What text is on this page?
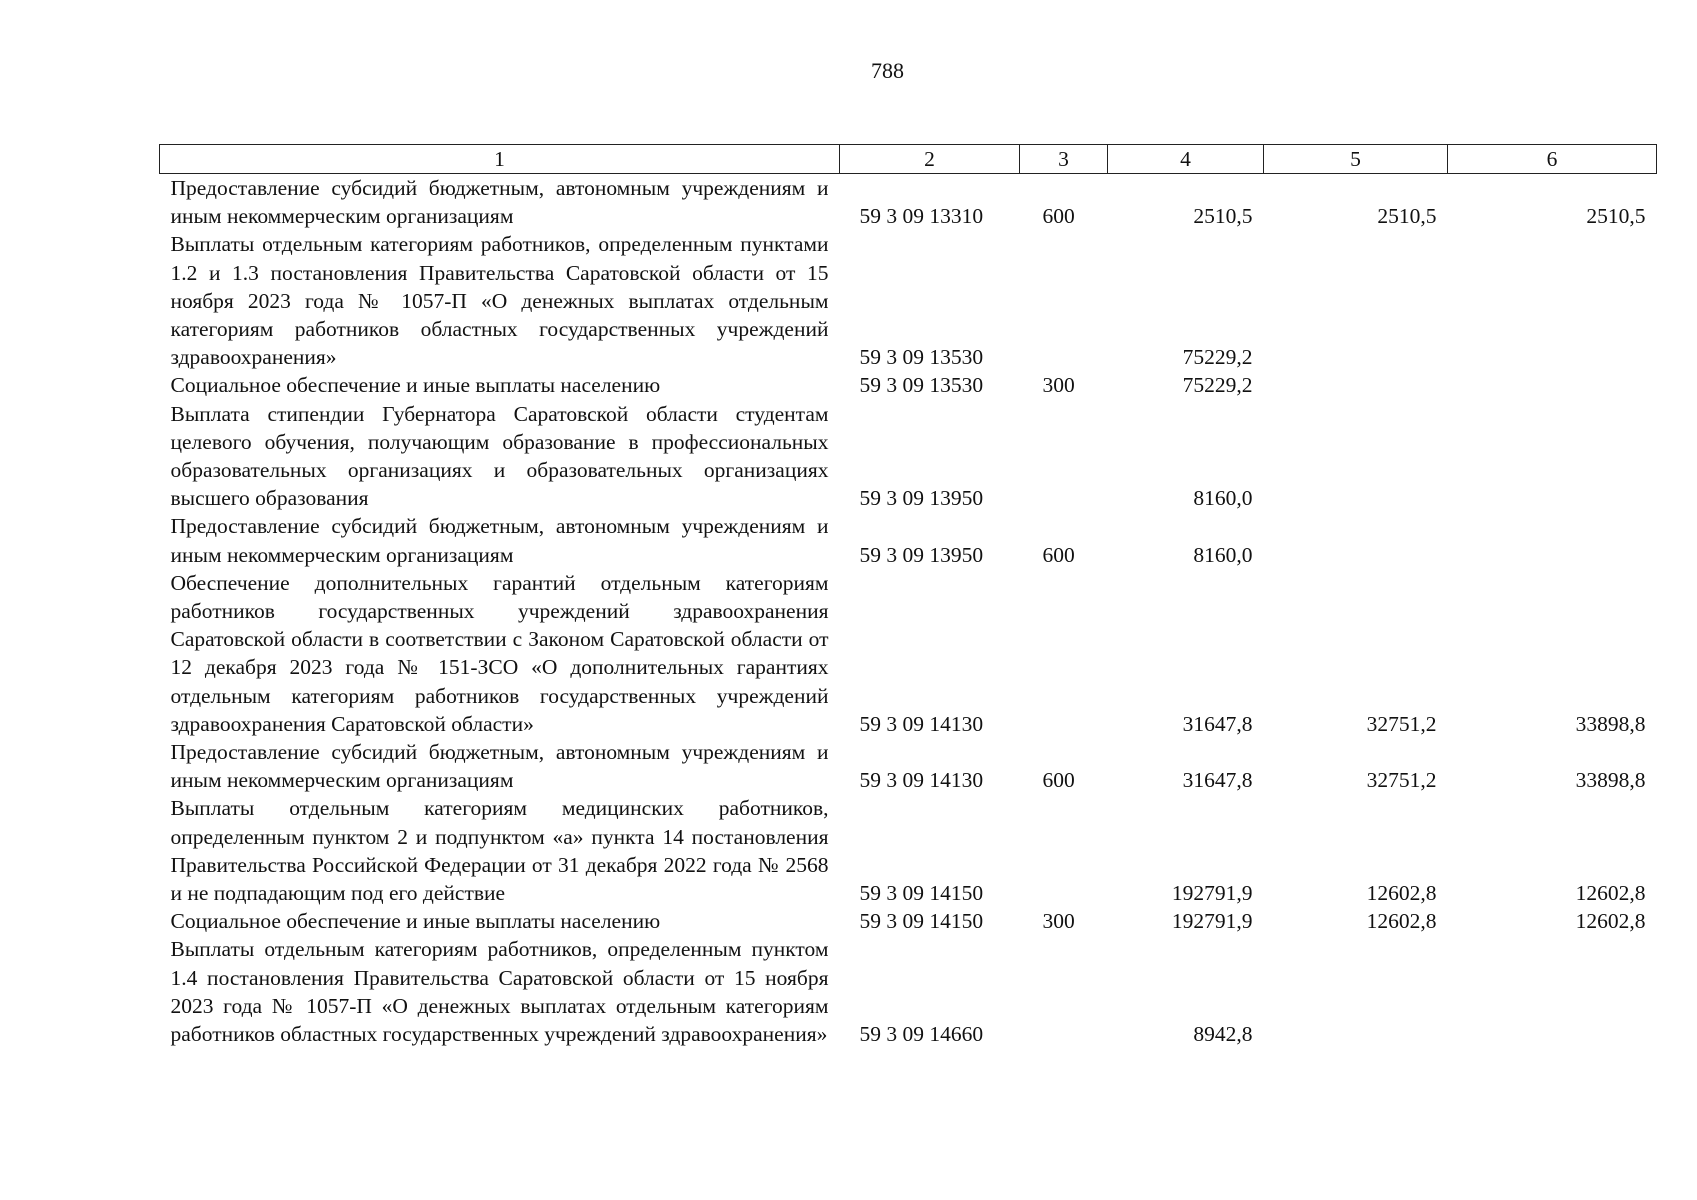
788
1	2	3	4	5	6
Предоставление субсидий бюджетным, автономным учреждениям и иным некоммерческим организациям	59 3 09 13310	600	2510,5	2510,5	2510,5
Выплаты отдельным категориям работников, определенным пунктами 1.2 и 1.3 постановления Правительства Саратовской области от 15 ноября 2023 года № 1057-П «О денежных выплатах отдельным категориям работников областных государственных учреждений здравоохранения»	59 3 09 13530		75229,2		
Социальное обеспечение и иные выплаты населению	59 3 09 13530	300	75229,2		
Выплата стипендии Губернатора Саратовской области студентам целевого обучения, получающим образование в профессиональных образовательных организациях и образовательных организациях высшего образования	59 3 09 13950		8160,0		
Предоставление субсидий бюджетным, автономным учреждениям и иным некоммерческим организациям	59 3 09 13950	600	8160,0		
Обеспечение дополнительных гарантий отдельным категориям работников государственных учреждений здравоохранения Саратовской области в соответствии с Законом Саратовской области от 12 декабря 2023 года № 151-ЗСО «О дополнительных гарантиях отдельным категориям работников государственных учреждений здравоохранения Саратовской области»	59 3 09 14130		31647,8	32751,2	33898,8
Предоставление субсидий бюджетным, автономным учреждениям и иным некоммерческим организациям	59 3 09 14130	600	31647,8	32751,2	33898,8
Выплаты отдельным категориям медицинских работников, определенным пунктом 2 и подпунктом «а» пункта 14 постановления Правительства Российской Федерации от 31 декабря 2022 года № 2568 и не подпадающим под его действие	59 3 09 14150		192791,9	12602,8	12602,8
Социальное обеспечение и иные выплаты населению	59 3 09 14150	300	192791,9	12602,8	12602,8
Выплаты отдельным категориям работников, определенным пунктом 1.4 постановления Правительства Саратовской области от 15 ноября 2023 года № 1057-П «О денежных выплатах отдельным категориям работников областных государственных учреждений здравоохранения»	59 3 09 14660		8942,8		
